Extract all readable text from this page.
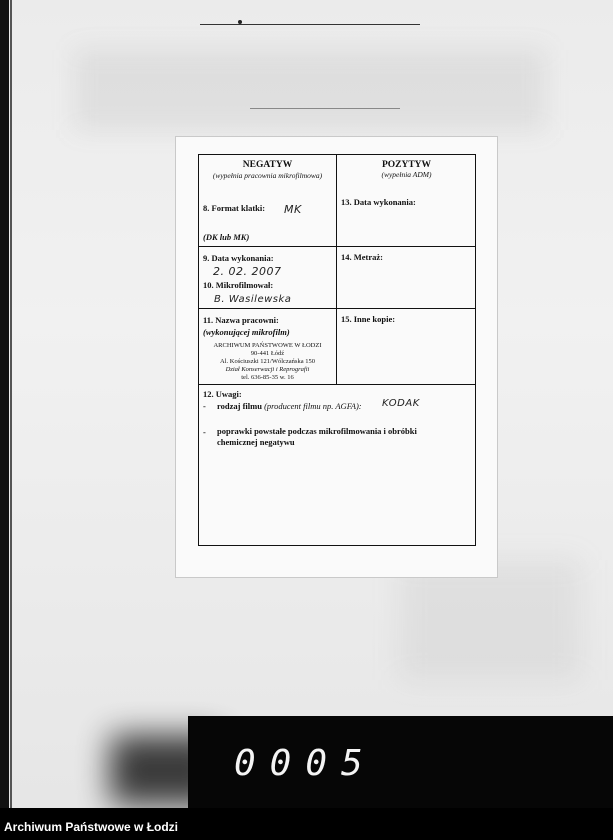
NEGATYW
(wypełnia pracownia mikrofilmowa)
POZYTYW
(wypełnia ADM)
8. Format klatki: MK
(DK lub MK)
13. Data wykonania:
9. Data wykonania:
2. 02. 2007
10. Mikrofilmował:
B. Wasilewska
14. Metraż:
11. Nazwa pracowni:
(wykonującej mikrofilm)
ARCHIWUM PAŃSTWOWE W ŁODZI
90-441 Łódź
Al. Kościuszki 121/Wólczańska 150
Dział Konserwacji i Reprografii
tel. 636-85-35 w. 16
15. Inne kopie:
12. Uwagi:
- rodzaj filmu (producent filmu np. AGFA): KODAK
- poprawki powstałe podczas mikrofilmowania i obróbki
chemicznej negatywu
0005
Archiwum Państwowe w Łodzi
